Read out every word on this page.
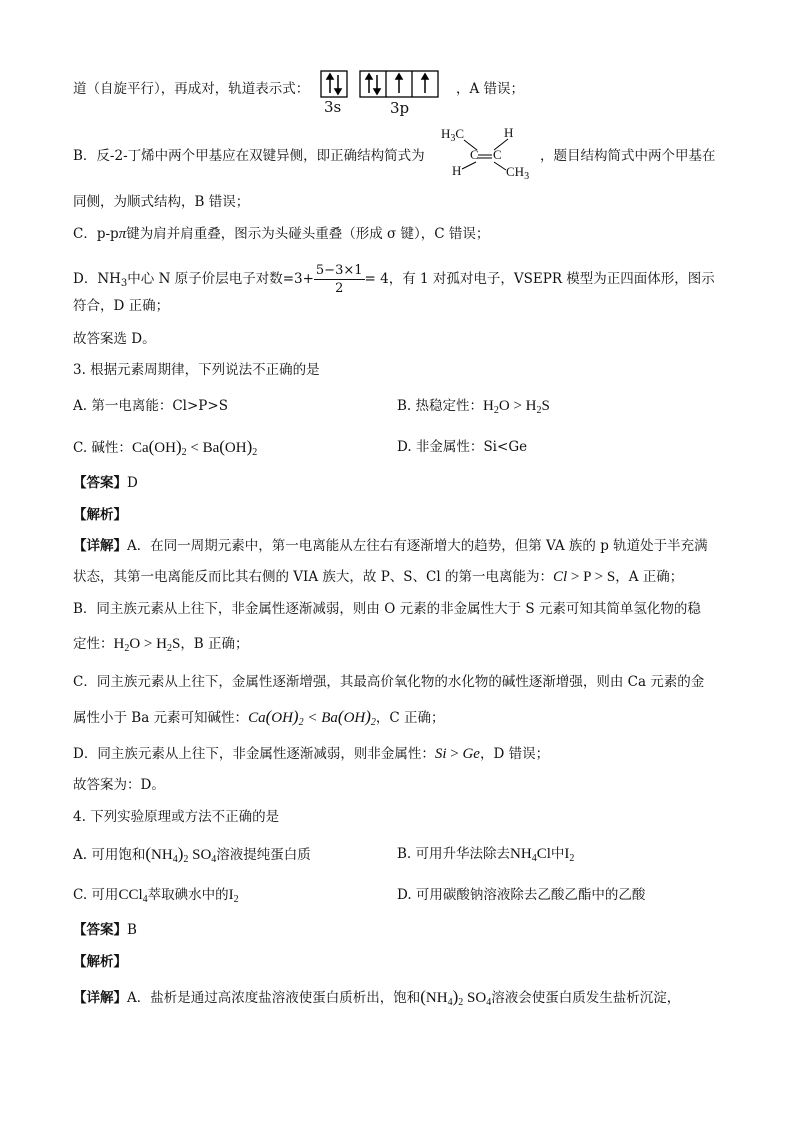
道（自旋平行），再成对，轨道表示式：
3s	3p
，A 错误；
B．反-2-丁烯中两个甲基应在双键异侧，即正确结构简式为
$H_3C$	H
C C
H	$CH_3$
，题目结构简式中两个甲基在
同侧，为顺式结构，B 错误；
C．p-pπ键为肩并肩重叠，图示为头碰头重叠（形成 σ 键），C 错误；
D．$NH_3$中心 N 原子价层电子对数$=3+ \frac{5-3\times 1}{2} = 4$，有 1 对孤对电子，VSEPR 模型为正四面体形，图示
符合，D 正确；
故答案选 D。
3. 根据元素周期律，下列说法不正确的是
A. 第一电离能：Cl>P>S	B. 热稳定性：$H_2O > H_2S$
C. 碱性：$Ca(OH)_2 < Ba(OH)_2$	D. 非金属性：Si<Ge
【答案】D
【解析】
【详解】A．在同一周期元素中，第一电离能从左往右有逐渐增大的趋势，但第 VA 族的 p 轨道处于半充满
状态，其第一电离能反而比其右侧的 VIA 族大，故 P、S、Cl 的第一电离能为：Cl > P > S，A 正确；
B．同主族元素从上往下，非金属性逐渐减弱，则由 O 元素的非金属性大于 S 元素可知其简单氢化物的稳
定性：$H_2O > H_2S$，B 正确；
C．同主族元素从上往下，金属性逐渐增强，其最高价氧化物的水化物的碱性逐渐增强，则由 Ca 元素的金
属性小于 Ba 元素可知碱性：$Ca(OH)_2 < Ba(OH)_2$，C 正确；
D．同主族元素从上往下，非金属性逐渐减弱，则非金属性：Si > Ge，D 错误；
故答案为：D。
4. 下列实验原理或方法不正确的是
A. 可用饱和$(NH_4)_2$ $SO_4$溶液提纯蛋白质	B. 可用升华法除去$NH_4Cl$中$I_2$
C. 可用CCl$_4$萃取碘水中的$I_2$	D. 可用碳酸钠溶液除去乙酸乙酯中的乙酸
【答案】B
【解析】
【详解】A．盐析是通过高浓度盐溶液使蛋白质析出，饱和$(NH_4)_2$ $SO_4$溶液会使蛋白质发生盐析沉淀，
